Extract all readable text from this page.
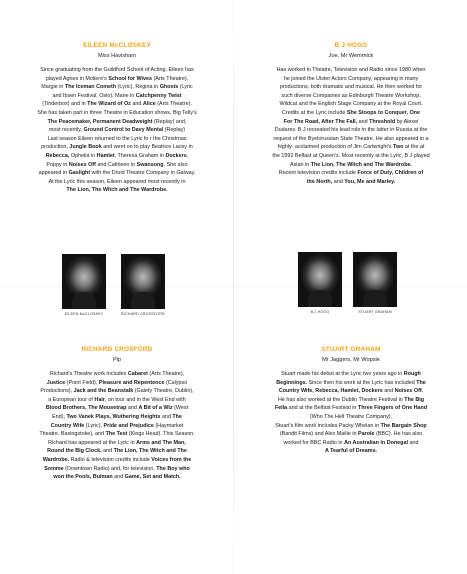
EILEEN McCLOSKEY
Miss Havisham
Since graduating from the Guildford School of Acting, Eileen has
played Agnes in Moliere's School for Wives (Arts Theatre),
Margie in The Iceman Cometh (Lyric), Regina in Ghosts (Lyric
and Ibsen Festival, Oslo), Marie in Catchpenny Twist
(Tinderbox) and in The Wizard of Oz and Alice (Arts Theatre).
She has taken part in three Theatre in Education shows, Big Telly's
The Peacemaker, Permanent Deadweight (Replay) and,
most recently, Ground Control to Davy Mental (Replay)
Last season Eileen returned to the Lyric fo r the Christmas
production, Jungle Book and went on to play Beatrice Lacey in
Rebecca, Ophelia in Hamlet, Theresa Graham in Dockers,
Poppy in Noises Off and Cathleen in Swansong. She also
appeared in Gaslight with the Druid Theatre Company in Galway.
At the Lyric this season, Eileen appeared most recently in
The Lion, The Witch and The Wardrobe.
B J HOGG
Joe, Mr Wemmick
Has worked in Theatre, Television and Radio since 1980 when
he joined the Ulster Actors Company, appearing in many
productions, both dramatic and musical. He then worked for
such diverse Companies as Edinburgh Theatre Workshop,
Wildcat and the English Stage Company at the Royal Court.
Credits at the Lyric include She Stoops to Conquer, One
For The Road, After The Fall, and Threshold by Alexei
Dudarev. B J recreated his lead role in the latter in Russia at the
request of the Byelorussian State Theatre. He also appeared in a
highly- acclaimed production of Jim Cartwright's Two at the at
the 1992 Belfast at Queen's. Most recently at the Lyric, B J played
Aslan in The Lion, The Witch and The Wardrobe.
Recent television credits include Force of Duty, Children of
the North, and You, Me and Marley.
EILEEN McCLOSKEY	RICHARD CROSSFORD	B.J HOGG	STUART GRAHAM
RICHARD CROSFORD
Pip
Richard's Theatre work includes Cabaret (Arts Theatre),
Justice (Point Field), Pleasure and Repentence (Calypso
Productions), Jack and the Beanstalk (Gaiety Theatre, Dublin),
a European tour of Hair, on tour and in the West End with
Blood Brothers, The Mousetrap and A Bit of a Wiz (West
End), Two Vanek Plays, Wuthering Heights and The
Country Wife (Lyric), Pride and Prejudice (Haymarket
Theatre, Basingstoke), and The Test (Kings Head). This Season,
Richard has appeared at the Lyric in Arms and The Man,
Round the Big Clock, and The Lion, The Witch and The
Wardrobe. Radio & television credits include Voices from the
Somme (Downtown Radio) and, for television, The Boy who
won the Pools, Bulman and Game, Set and Match.
STUART GRAHAM
Mr Jaggers, Mr Wopsle
Stuart made his debut at the Lyric two years ago in Rough
Beginnings. Since then his work at the Lyric has included The
Country Wife, Rebecca, Hamlet, Dockers and Noises Off.
He has also worked at the Dublin Theatre Festival in The Big
Fella and at the Belfast Festival in Three Fingers of One Hand
(Who The Hell Theatre Company).
Stuart's film work includes Packy Whelan in The Bargain Shop
(Bandit Films) and Alex Mailie in Parole (BBC). He has also
worked for BBC Radio in An Australian in Donegal and
A Tearful of Dreams.
